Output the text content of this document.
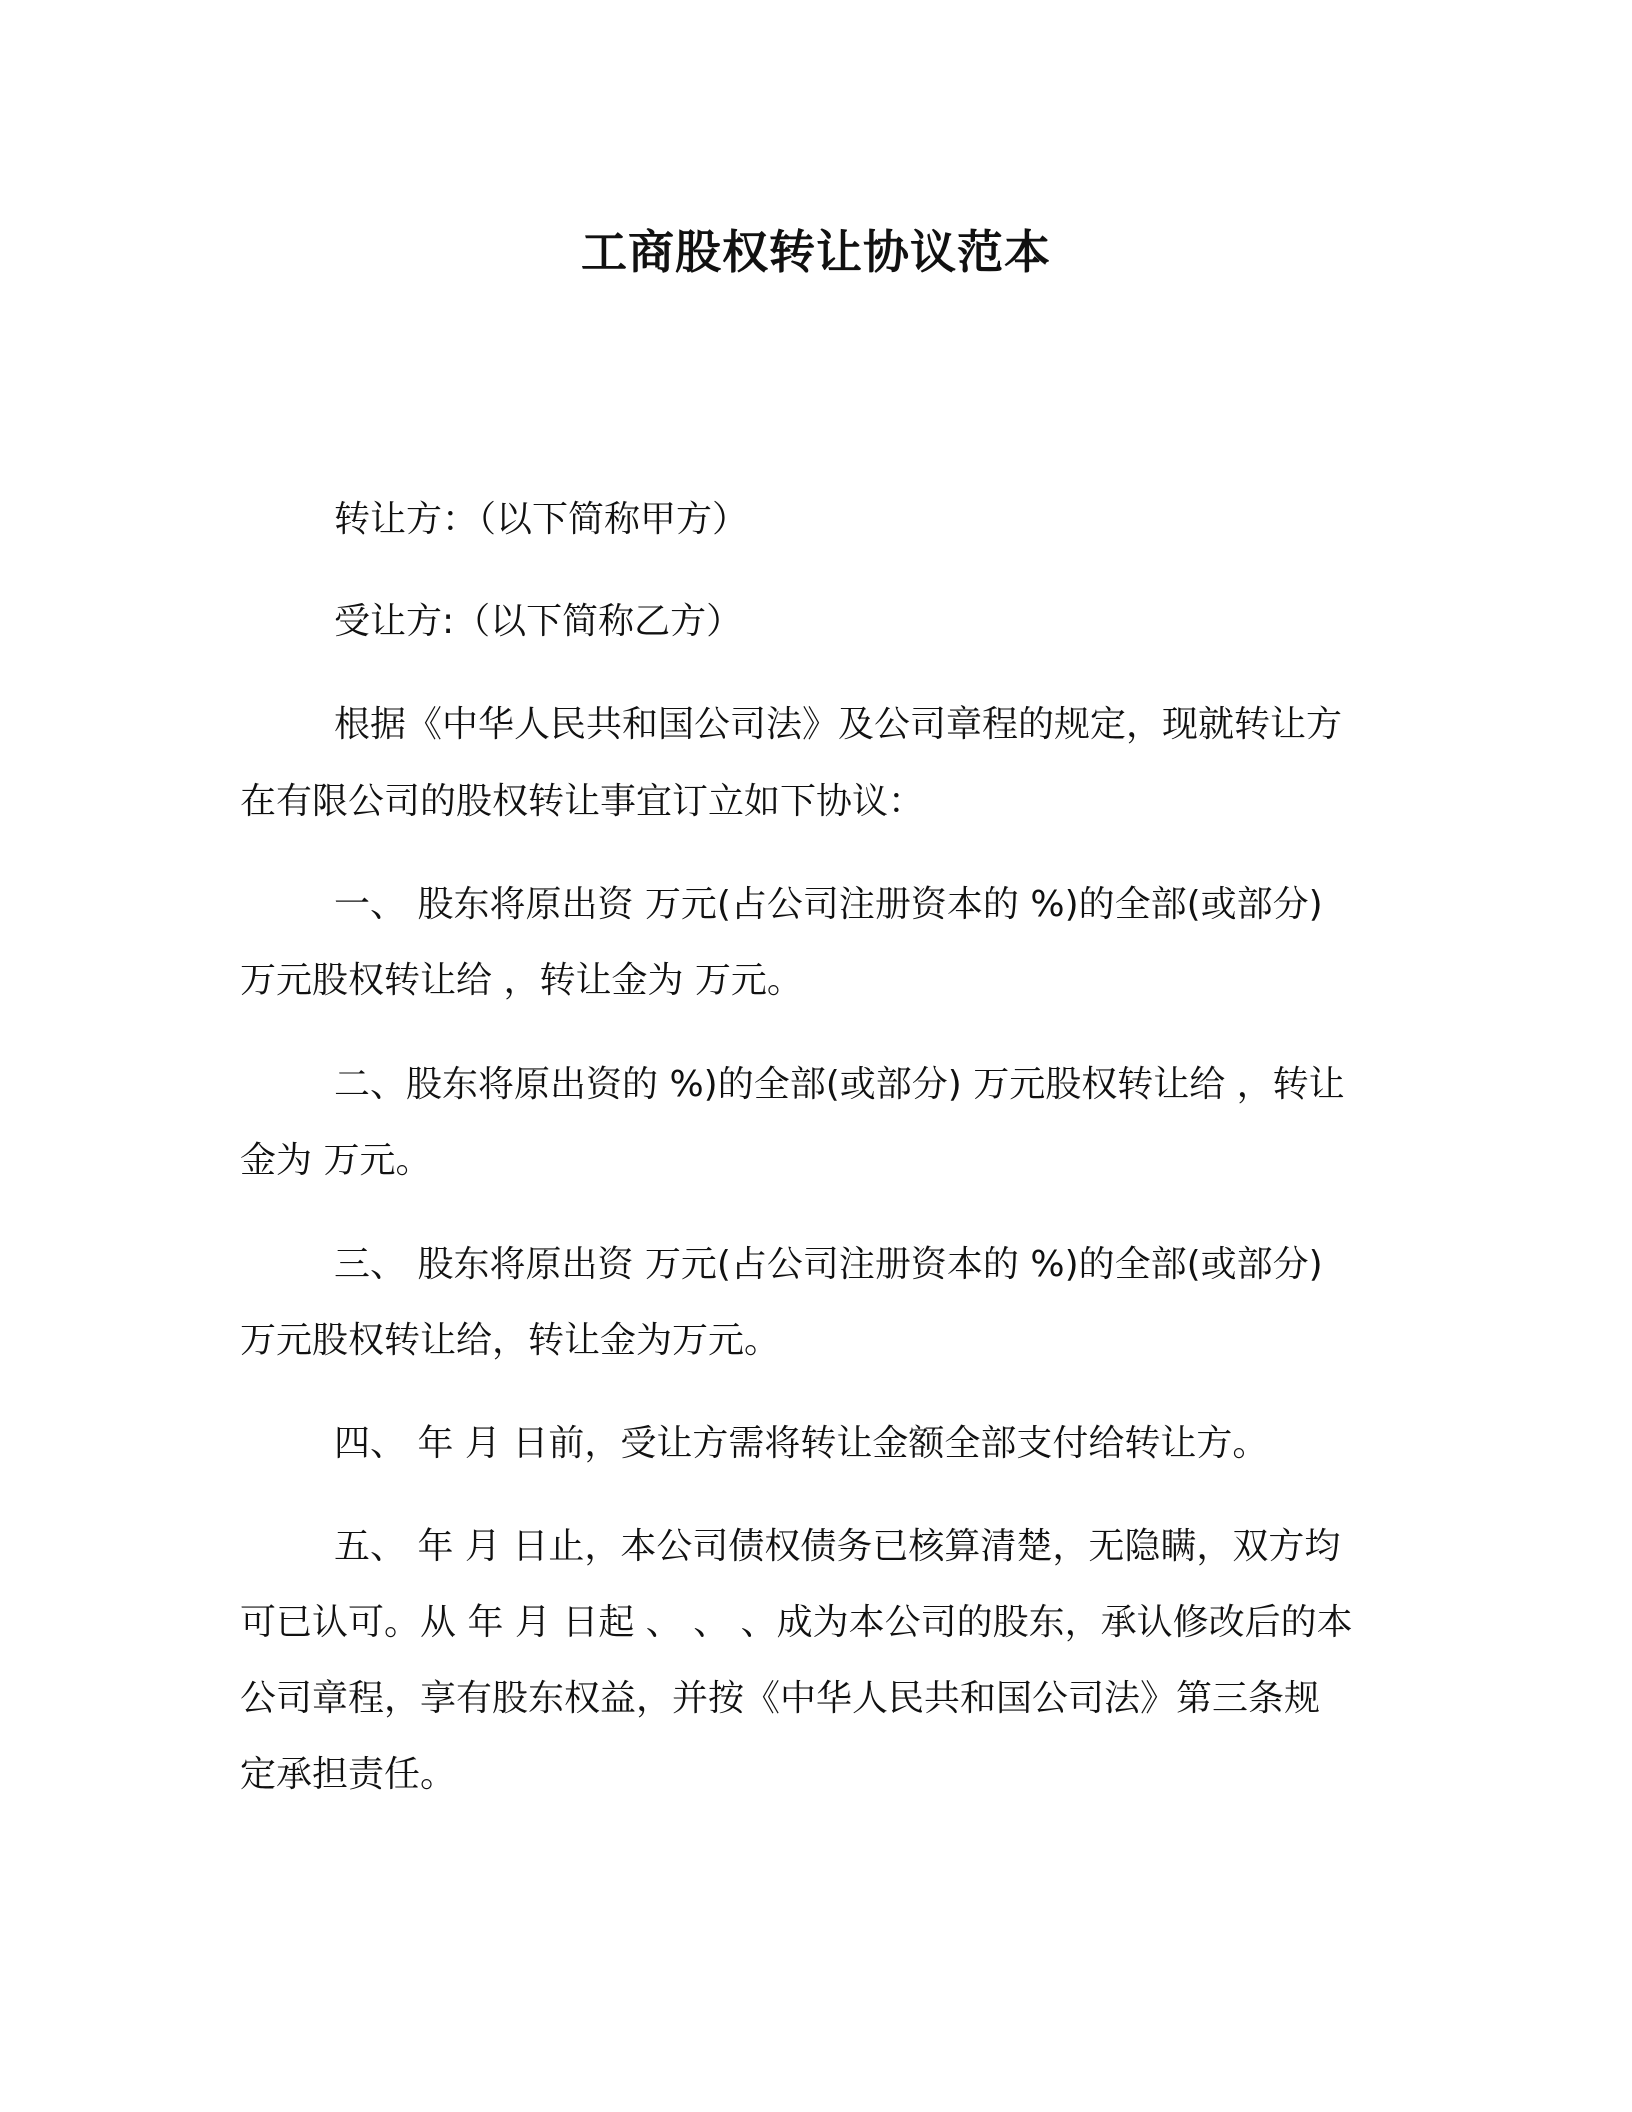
工商股权转让协议范本
转让方：（以下简称甲方）
受让方:（以下简称乙方）
根据《中华人民共和国公司法》及公司章程的规定，现就转让方
在有限公司的股权转让事宜订立如下协议：
一、 股东将原出资 万元(占公司注册资本的 %)的全部(或部分)
万元股权转让给 ，转让金为 万元。
二、股东将原出资的 %)的全部(或部分) 万元股权转让给 ，转让
金为 万元。
三、 股东将原出资 万元(占公司注册资本的 %)的全部(或部分)
万元股权转让给，转让金为万元。
四、 年 月 日前，受让方需将转让金额全部支付给转让方。
五、 年 月 日止，本公司债权债务已核算清楚，无隐瞒，双方均
可已认可。从 年 月 日起 、 、 、成为本公司的股东，承认修改后的本
公司章程，享有股东权益，并按《中华人民共和国公司法》第三条规
定承担责任。
